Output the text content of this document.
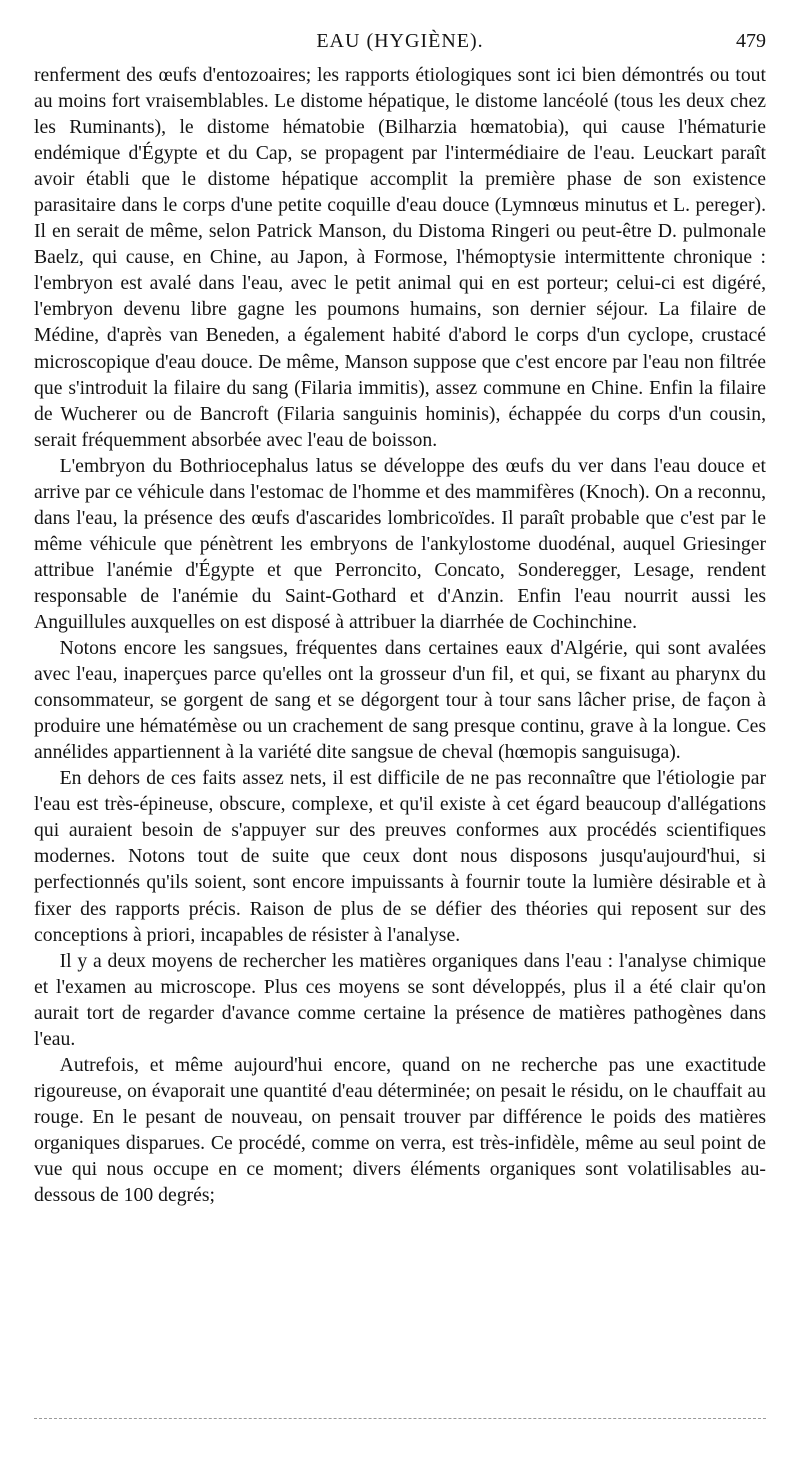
EAU (HYGIÈNE).	479

renferment des œufs d'entozoaires; les rapports étiologiques sont ici bien démontrés ou tout au moins fort vraisemblables. Le distome hépatique, le distome lancéolé (tous les deux chez les Ruminants), le distome hématobie (Bilharzia hœmatobia), qui cause l'hématurie endémique d'Égypte et du Cap, se propagent par l'intermédiaire de l'eau. Leuckart paraît avoir établi que le distome hépatique accomplit la première phase de son existence parasitaire dans le corps d'une petite coquille d'eau douce (Lymnœus minutus et L. pereger). Il en serait de même, selon Patrick Manson, du Distoma Ringeri ou peut-être D. pulmonale Baelz, qui cause, en Chine, au Japon, à Formose, l'hémoptysie intermittente chronique : l'embryon est avalé dans l'eau, avec le petit animal qui en est porteur; celui-ci est digéré, l'embryon devenu libre gagne les poumons humains, son dernier séjour. La filaire de Médine, d'après van Beneden, a également habité d'abord le corps d'un cyclope, crustacé microscopique d'eau douce. De même, Manson suppose que c'est encore par l'eau non filtrée que s'introduit la filaire du sang (Filaria immitis), assez commune en Chine. Enfin la filaire de Wucherer ou de Bancroft (Filaria sanguinis hominis), échappée du corps d'un cousin, serait fréquemment absorbée avec l'eau de boisson.

L'embryon du Bothriocephalus latus se développe des œufs du ver dans l'eau douce et arrive par ce véhicule dans l'estomac de l'homme et des mammifères (Knoch). On a reconnu, dans l'eau, la présence des œufs d'ascarides lombricoïdes. Il paraît probable que c'est par le même véhicule que pénètrent les embryons de l'ankylostome duodénal, auquel Griesinger attribue l'anémie d'Égypte et que Perroncito, Concato, Sonderegger, Lesage, rendent responsable de l'anémie du Saint-Gothard et d'Anzin. Enfin l'eau nourrit aussi les Anguillules auxquelles on est disposé à attribuer la diarrhée de Cochinchine.

Notons encore les sangsues, fréquentes dans certaines eaux d'Algérie, qui sont avalées avec l'eau, inaperçues parce qu'elles ont la grosseur d'un fil, et qui, se fixant au pharynx du consommateur, se gorgent de sang et se dégorgent tour à tour sans lâcher prise, de façon à produire une hématémèse ou un crachement de sang presque continu, grave à la longue. Ces annélides appartiennent à la variété dite sangsue de cheval (hœmopis sanguisuga).

En dehors de ces faits assez nets, il est difficile de ne pas reconnaître que l'étiologie par l'eau est très-épineuse, obscure, complexe, et qu'il existe à cet égard beaucoup d'allégations qui auraient besoin de s'appuyer sur des preuves conformes aux procédés scientifiques modernes. Notons tout de suite que ceux dont nous disposons jusqu'aujourd'hui, si perfectionnés qu'ils soient, sont encore impuissants à fournir toute la lumière désirable et à fixer des rapports précis. Raison de plus de se défier des théories qui reposent sur des conceptions à priori, incapables de résister à l'analyse.

Il y a deux moyens de rechercher les matières organiques dans l'eau : l'analyse chimique et l'examen au microscope. Plus ces moyens se sont développés, plus il a été clair qu'on aurait tort de regarder d'avance comme certaine la présence de matières pathogènes dans l'eau.

Autrefois, et même aujourd'hui encore, quand on ne recherche pas une exactitude rigoureuse, on évaporait une quantité d'eau déterminée; on pesait le résidu, on le chauffait au rouge. En le pesant de nouveau, on pensait trouver par différence le poids des matières organiques disparues. Ce procédé, comme on verra, est très-infidèle, même au seul point de vue qui nous occupe en ce moment; divers éléments organiques sont volatilisables au-dessous de 100 degrés;
